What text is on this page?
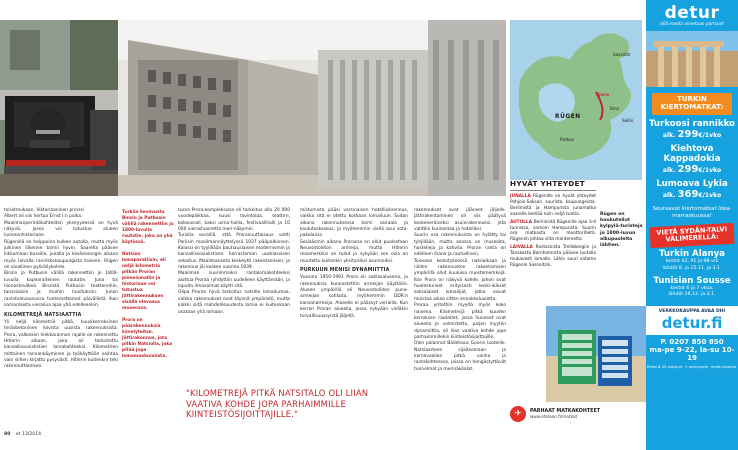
Sassnitz
Prora
Binz
Sellin
RÜGEN
Putbus

toriatmukaan. Viktoriaaninen prinssi
Albert oli siis hertua Ernst I:n poika.
Maailmanperintökohteiden ykseyydessä on hyvä näkyvä, jossa voi tutustua alueen luonnonhistoriaan.
Rügenillä on helppoina kulkee autolla, mutta myös julkinen liikenne toimii hyvin. Saarella pääsee liikkumaan bussilla, junalla ja kesäsesongin aikana myös laivalla rannikkokaupungista toiseen. Rügen on oivallinen pyöräilykohde.
Binzin ja Putbusin välillä rakennettiin jo 1800-luvulla kapearaiteinen rautatie. Juna toi hienostoväkeä Binzistä Putbusin teattereihin, tanssiaisiin ja muihin huvituksiin. Junan ravintolavaunussa tuntemattomat päivällistä ihan samanlaista vierailua ajaa yhä edelleenkin.

KILOMETREJÄ NATSIAATTIA

Yli neljä kilometriä pitkä, kuusikerroksinen teräsbetoninen kovista uusista rakennuksista. Prora, valkoisen hiekkarannan rajalle on rakennettu Hitlerin aikaan, joka oli tarkoitettu kansallissosialistien lomakohteeksi. Kilometrien mittainen rannankäyminen ja työkäyttöön vaihtaa vain siihen kirjattu pysyvästi. Hitlerin kuitenkin teki rakennuttamisen.

Turkiin kesävusta Binzin ja Putbusin välillä rakennettiin jo 1800-luvulla rautatie, joka on yhä käytössä.

Natsien lomaparatiisin, eli neljä kilometriä pitkän Proran pienoismallin ja historiaan voi tutustua Jättirakennuksen sisällä olevassa museossa.

Prora on päärakennuksia kävelyteitse. Jättirakennus, jota pitkin Natsiolla, joka pitää jopa lomamaakunnista.

tussa Prora-kompleksissa oli tarkoitus olla 20 000 vuodepaikkaa, kuusi ravintolaa, teatteri, kokoussali, kaksi uima-hallia, festivaalihalli ja 10 000 vierashuonetta meri-näkymin.
Turistia euroillä, että Proranuuttaisuus voitti Pariisin maailmannäyttelyssä 1937 pääpalkinnon. Kolossi on tyylillään bauhauslaisen modernismin ja kansallissosialistisen harrastaman uusklassisen sekoitus. Maailmansota keskeytti rakentamisen, ja rakennus jäi kesken vuonna 1939.
Maailman suurimmaksi rantalomakohteeksi aiottua Proraa ryhdyttiin uudelleen käyttämään, ja lopulta ilmavoimat käytti sitä.
Olipa Proran hyvä tarkoitus natsille lomailumaa, vaikka rakennukset ovat täynnä ympäristö, mutta kaikki siitä mahdollisuudesta lomia ei kuitenkaan osataan yhä lomaan.

mistumista pääsi varsinaisen hotelliuksennus, vaikka sitä ei otettu koskaan lomailuun. Sodan aikana rakennuksessa toimi sairaala ja koulutuskeskus, ja myöhemmin siellä asui sota-pakolaisia.
Sosialismin aikana Prorassa on ollut puolestaan Neuvostoliiton armeija, mutta Hitlerin maamerkiksi on tullut ja nykyään sen osia on muutettu kuitenkin yksityisiksi asunnoiksi.

PURKUUN MENISI DYNAMIITTIA

Vuosina 1950-1991 Prora oli sotilasalueena, ja rakennuksia kunnostettiin armeijan käyttöön. Alueen ympärillä oli Neuvostoliiton puna-armeijan sotilaita, myöhemmin DDR:n kansanarmeija. Alueelle ei päässyt vierailla. Kun kerran Proran alueella, jossa nykyään vieläkin turvallisuussyistä jäljellä.

rakennukset ovat jääneet jäljelle. Jättirakentaminen oli siis päätyvä keskeneräiseksi asuinrakennuksi, jota valittiin kunnostaa ja hotelliksi.
Suurin osa rakennuksista on hylätty tai tyhjillään, mutta osassa on museoita, hostelleja ja kahvila. Proran ranta on edelleen ihana ja rauhallinen.
Toisessa keskityksessä natsiaikaan ja niiden rakennusten rakentamisen ympärillä ollut kuuluisa muistomerkkejä. Itse Prora on näkyvä kohde, johon ovat huolestuneet erityisesti keski-ikäiset saksalaiset lomailijat, jotka saivat muistaa aikaa sitten ennakkoluulotta.
Proraa yritettiin myydä myös koko naisena. Kilometrejä pitkä kuuden kerroksen rautatiet, jossa huoneet ovat alueella jo valmistettu, paljon myytiin dynamiittia, oli liian vaativa kohde jopa parhaimmillekin kiinteistösijoittajille.
Olen palannut Bädehaus Goorin luoteille. Natsiaarteen sijaitsemaan ja karnevaalien pitkä vanha ja rantakohteessa, joissa on hengästyttävät tunnelmat ja merinäköalat.

"KILOMETREJÄ PITKÄ NATSITALO OLI LIIAN VAATIVA KOHDE JOPA PARHAIMMILLE KIINTEISTÖSIJOITTAJILLE."
HYVÄT YHTEYDET

JUNALLA Rügenille on hyvät yhteydet Pohjois-Saksan suurista kaupungeista. Berliinistä ja Hampurista junamatka saarelle kestää noin neljä tuntia.

AUTOLLA Berliinistä Rügenille ajaa 3-4 tunnissa, samoin Hampurista. Suurin osa matkasta on moottoritietä. Rügeniin johtaa silta mantereelta.

LAIVALLA Rostockista Trelleborgiin ja Tanskasta Bornholmista pääsee lautalla mukavasti lomalle. Lähin suuri satama Rügenin Sassnitzin.

Rügen on houkutellut kylpylä-turisteja jo 1800-luvun alkupuolelta lähtien.
✈	PARHAAT MATKAKOHTEET
www.etelaan.fi/matkat
80 et 13/2014
detur
sillä meidä annetaan parhaat!
TURKIN KIERTOMATKAT:
Turkoosi rannikko
alk. 299€/1vko
Kiehtova Kappadokia
alk. 299€/1vko
Lumoava Lykia
alk. 369€/1vko
Seuraavat kiertomatkat loka-marraskuussa!
VIETÄ SYDÄN-TALVI VÄLIMERELLÄ:
Turkin Alanya
kestot 42, 91 ja 98 vrk
lähdöt 8. ja 15.11. ja 3.1.
Tunisian Sousse
kestot 6 ja 7 vkoa,
lähdöt 26.12. ja 2.1.
VERKKOKAUPPA AVAA DHI
detur.fi
P. 0207 850 850
ma-pe 9-22, la-su 10-19
Hinta 8,35 snt/puh. + pvm/mpm, myös jonotus.
